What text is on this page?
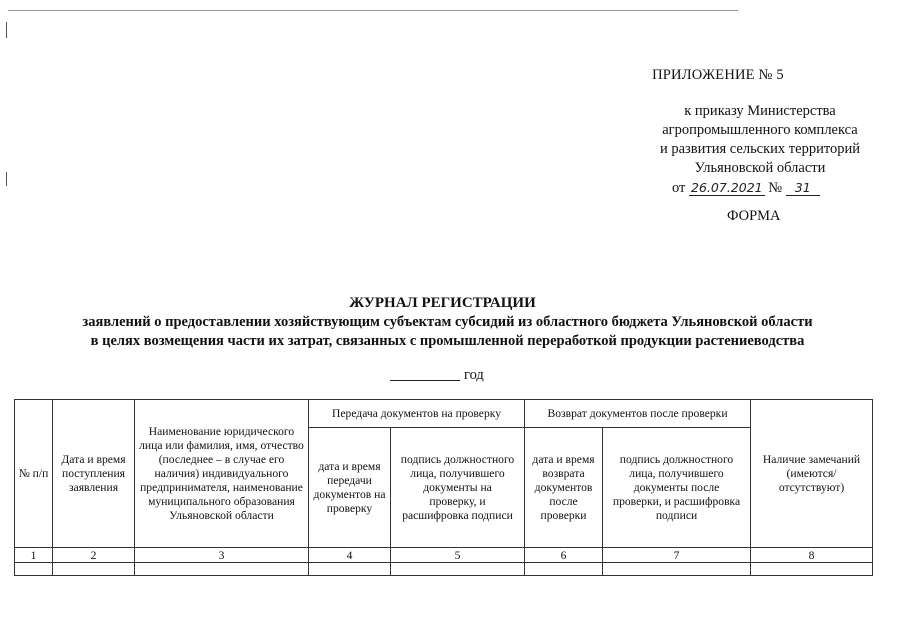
ПРИЛОЖЕНИЕ № 5
к приказу Министерства
агропромышленного комплекса
и развития сельских территорий
Ульяновской области
от 26.07.2021 № 31
ФОРМА
ЖУРНАЛ РЕГИСТРАЦИИ
заявлений о предоставлении хозяйствующим субъектам субсидий из областного бюджета Ульяновской области
в целях возмещения части их затрат, связанных с промышленной переработкой продукции растениеводства
год
№ п/п	Дата и время поступления заявления	Наименование юридического лица или фамилия, имя, отчество (последнее – в случае его наличия) индивидуального предпринимателя, наименование муниципального образования Ульяновской области	Передача документов на проверку		Возврат документов после проверки		Наличие замечаний (имеются/ отсутствуют)
			дата и время передачи документов на проверку	подпись должностного лица, получившего документы на проверку, и расшифровка подписи	дата и время возврата документов после проверки	подпись должностного лица, получившего документы после проверки, и расшифровка подписи	
1	2	3	4	5	6	7	8
